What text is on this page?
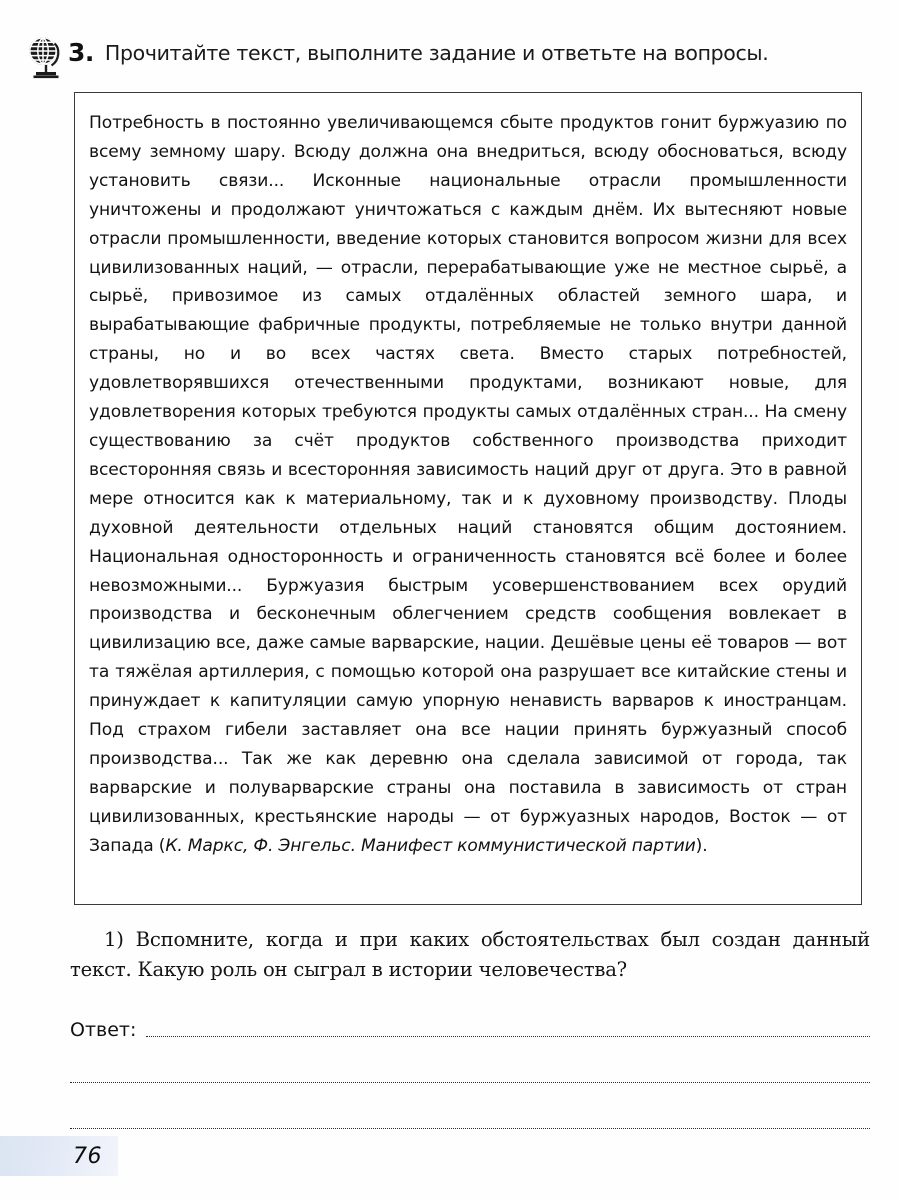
3. Прочитайте текст, выполните задание и ответьте на вопросы.
Потребность в постоянно увеличивающемся сбыте продуктов гонит буржуазию по всему земному шару. Всюду должна она внедриться, всюду обосноваться, всюду установить связи... Исконные национальные отрасли промышленности уничтожены и продолжают уничтожаться с каждым днём. Их вытесняют новые отрасли промышленности, введение которых становится вопросом жизни для всех цивилизованных наций, — отрасли, перерабатывающие уже не местное сырьё, а сырьё, привозимое из самых отдалённых областей земного шара, и вырабатывающие фабричные продукты, потребляемые не только внутри данной страны, но и во всех частях света. Вместо старых потребностей, удовлетворявшихся отечественными продуктами, возникают новые, для удовлетворения которых требуются продукты самых отдалённых стран... На смену существованию за счёт продуктов собственного производства приходит всесторонняя связь и всесторонняя зависимость наций друг от друга. Это в равной мере относится как к материальному, так и к духовному производству. Плоды духовной деятельности отдельных наций становятся общим достоянием. Национальная односторонность и ограниченность становятся всё более и более невозможными... Буржуазия быстрым усовершенствованием всех орудий производства и бесконечным облегчением средств сообщения вовлекает в цивилизацию все, даже самые варварские, нации. Дешёвые цены её товаров — вот та тяжёлая артиллерия, с помощью которой она разрушает все китайские стены и принуждает к капитуляции самую упорную ненависть варваров к иностранцам. Под страхом гибели заставляет она все нации принять буржуазный способ производства... Так же как деревню она сделала зависимой от города, так варварские и полуварварские страны она поставила в зависимость от стран цивилизованных, крестьянские народы — от буржуазных народов, Восток — от Запада (К. Маркс, Ф. Энгельс. Манифест коммунистической партии).
1) Вспомните, когда и при каких обстоятельствах был создан данный текст. Какую роль он сыграл в истории человечества?
Ответ:
76
